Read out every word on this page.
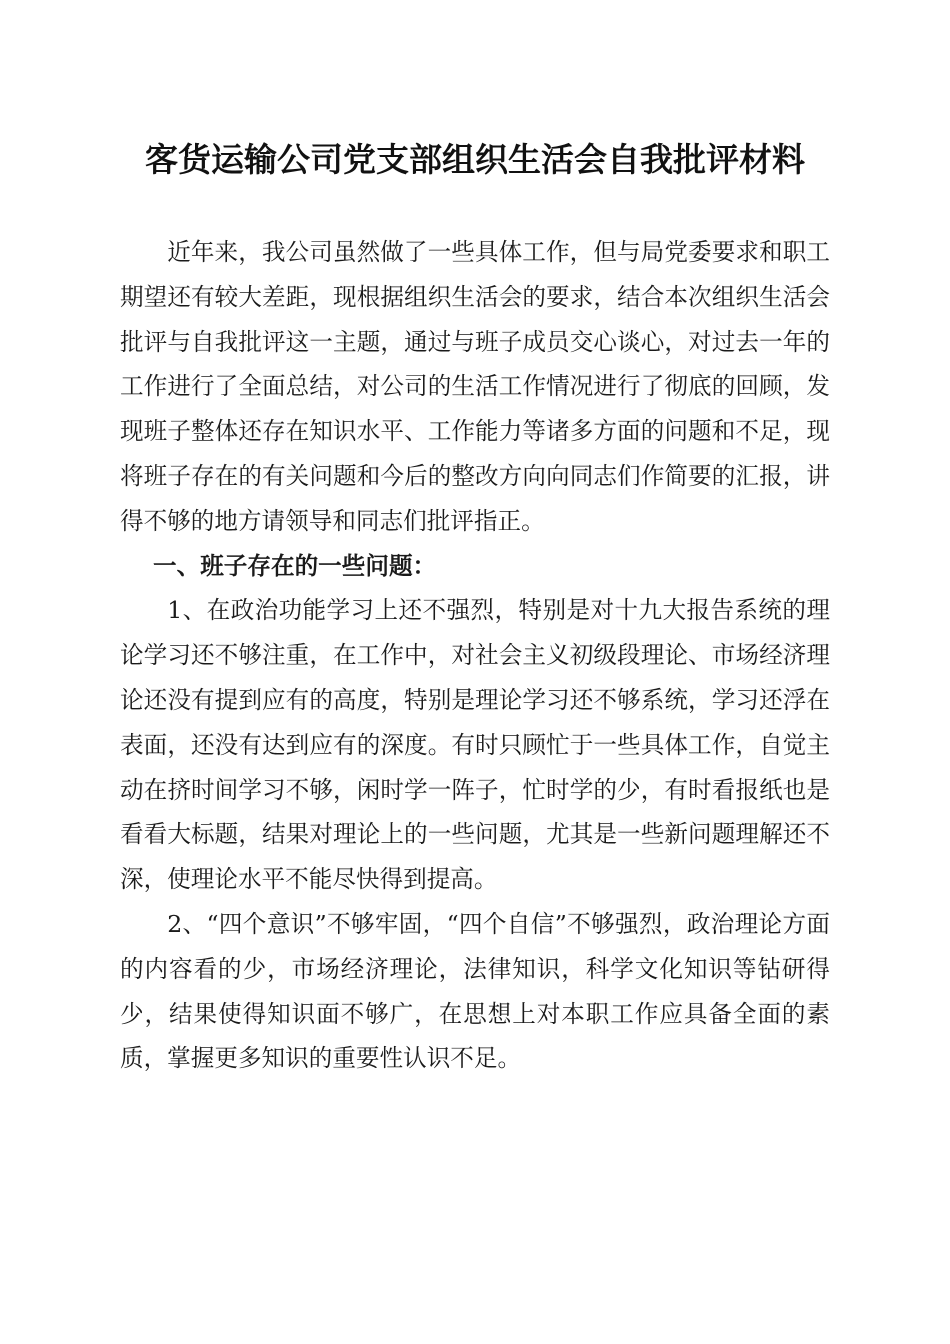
客货运输公司党支部组织生活会自我批评材料

近年来，我公司虽然做了一些具体工作，但与局党委要求和职工期望还有较大差距，现根据组织生活会的要求，结合本次组织生活会批评与自我批评这一主题，通过与班子成员交心谈心，对过去一年的工作进行了全面总结，对公司的生活工作情况进行了彻底的回顾，发现班子整体还存在知识水平、工作能力等诸多方面的问题和不足，现将班子存在的有关问题和今后的整改方向向同志们作简要的汇报，讲得不够的地方请领导和同志们批评指正。

一、班子存在的一些问题：

1、在政治功能学习上还不强烈，特别是对十九大报告系统的理论学习还不够注重，在工作中，对社会主义初级段理论、市场经济理论还没有提到应有的高度，特别是理论学习还不够系统，学习还浮在表面，还没有达到应有的深度。有时只顾忙于一些具体工作，自觉主动在挤时间学习不够，闲时学一阵子，忙时学的少，有时看报纸也是看看大标题，结果对理论上的一些问题，尤其是一些新问题理解还不深，使理论水平不能尽快得到提高。

2、“四个意识”不够牢固，“四个自信”不够强烈，政治理论方面的内容看的少，市场经济理论，法律知识，科学文化知识等钻研得少，结果使得知识面不够广，在思想上对本职工作应具备全面的素质，掌握更多知识的重要性认识不足。
